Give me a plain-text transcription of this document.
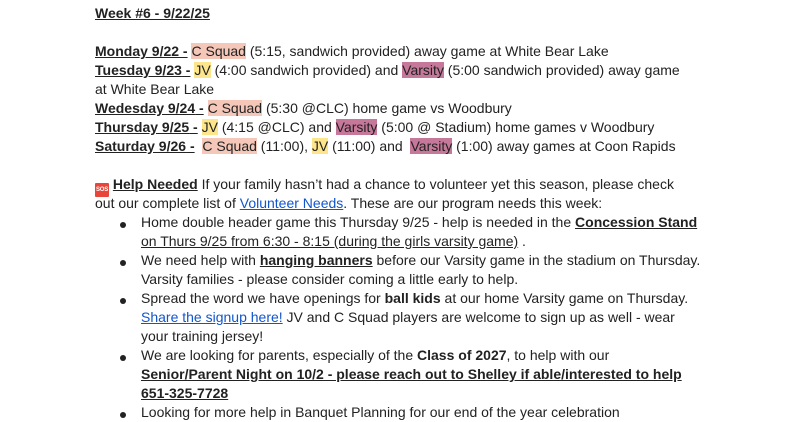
Week #6 - 9/22/25
Monday 9/22 - C Squad (5:15, sandwich provided) away game at White Bear Lake
Tuesday 9/23 - JV (4:00 sandwich provided) and Varsity (5:00 sandwich provided) away game
at White Bear Lake
Wedesday 9/24 - C Squad (5:30 @CLC) home game vs Woodbury
Thursday 9/25 - JV (4:15 @CLC) and Varsity (5:00 @ Stadium) home games v Woodbury
Saturday 9/26 - C Squad (11:00), JV (11:00) and  Varsity (1:00) away games at Coon Rapids
SOS Help Needed If your family hasn’t had a chance to volunteer yet this season, please check
out our complete list of Volunteer Needs. These are our program needs this week:
Home double header game this Thursday 9/25 - help is needed in the Concession Stand
on Thurs 9/25 from 6:30 - 8:15 (during the girls varsity game) .
We need help with hanging banners before our Varsity game in the stadium on Thursday.
Varsity families - please consider coming a little early to help.
Spread the word we have openings for ball kids at our home Varsity game on Thursday.
Share the signup here! JV and C Squad players are welcome to sign up as well - wear
your training jersey!
We are looking for parents, especially of the Class of 2027, to help with our
Senior/Parent Night on 10/2 - please reach out to Shelley if able/interested to help
651-325-7728
Looking for more help in Banquet Planning for our end of the year celebration
